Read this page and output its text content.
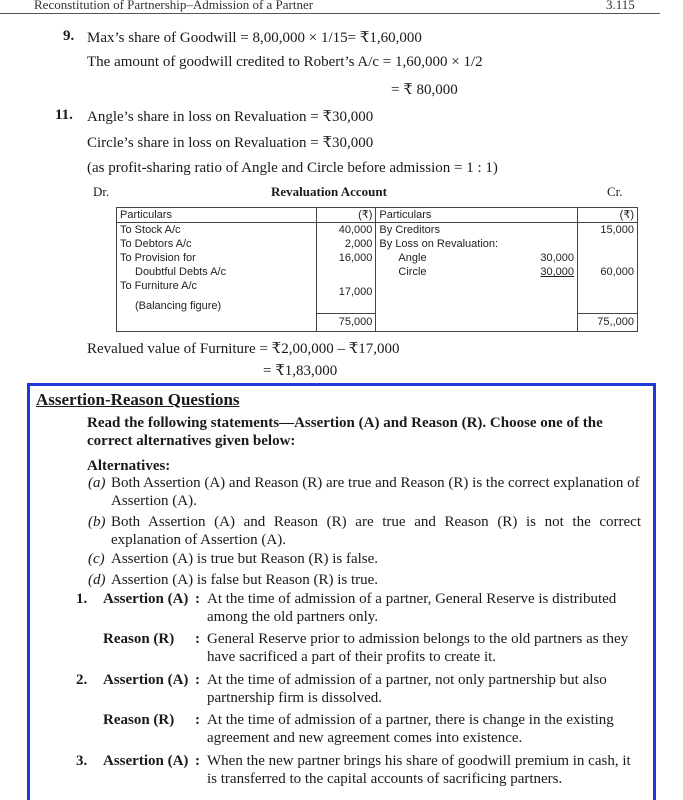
Reconstitution of Partnership–Admission of a Partner	3.115
9. Max’s share of Goodwill = 8,00,000 × 1/15= ₹1,60,000
The amount of goodwill credited to Robert’s A/c = 1,60,000 × 1/2
= ₹ 80,000
11. Angle’s share in loss on Revaluation = ₹30,000
Circle’s share in loss on Revaluation = ₹30,000
(as profit-sharing ratio of Angle and Circle before admission = 1 : 1)
Dr.	Revaluation Account	Cr.
Particulars	(₹)	Particulars		(₹)
To Stock A/c	40,000	By Creditors		15,000
To Debtors A/c	2,000	By Loss on Revaluation:		
To Provision for	16,000	Angle	30,000	
Doubtful Debts A/c		Circle	30,000	60,000
To Furniture A/c	17,000			
(Balancing figure)				
	75,000			75,,000
Revalued value of Furniture = ₹2,00,000 – ₹17,000
= ₹1,83,000
Assertion-Reason Questions
Read the following statements—Assertion (A) and Reason (R). Choose one of the correct alternatives given below:
Alternatives:
(a) Both Assertion (A) and Reason (R) are true and Reason (R) is the correct explanation of Assertion (A).
(b) Both Assertion (A) and Reason (R) are true and Reason (R) is not the correct explanation of Assertion (A).
(c) Assertion (A) is true but Reason (R) is false.
(d) Assertion (A) is false but Reason (R) is true.
1. Assertion (A) : At the time of admission of a partner, General Reserve is distributed among the old partners only.
Reason (R) : General Reserve prior to admission belongs to the old partners as they have sacrificed a part of their profits to create it.
2. Assertion (A) : At the time of admission of a partner, not only partnership but also partnership firm is dissolved.
Reason (R) : At the time of admission of a partner, there is change in the existing agreement and new agreement comes into existence.
3. Assertion (A) : When the new partner brings his share of goodwill premium in cash, it is transferred to the capital accounts of sacrificing partners.
